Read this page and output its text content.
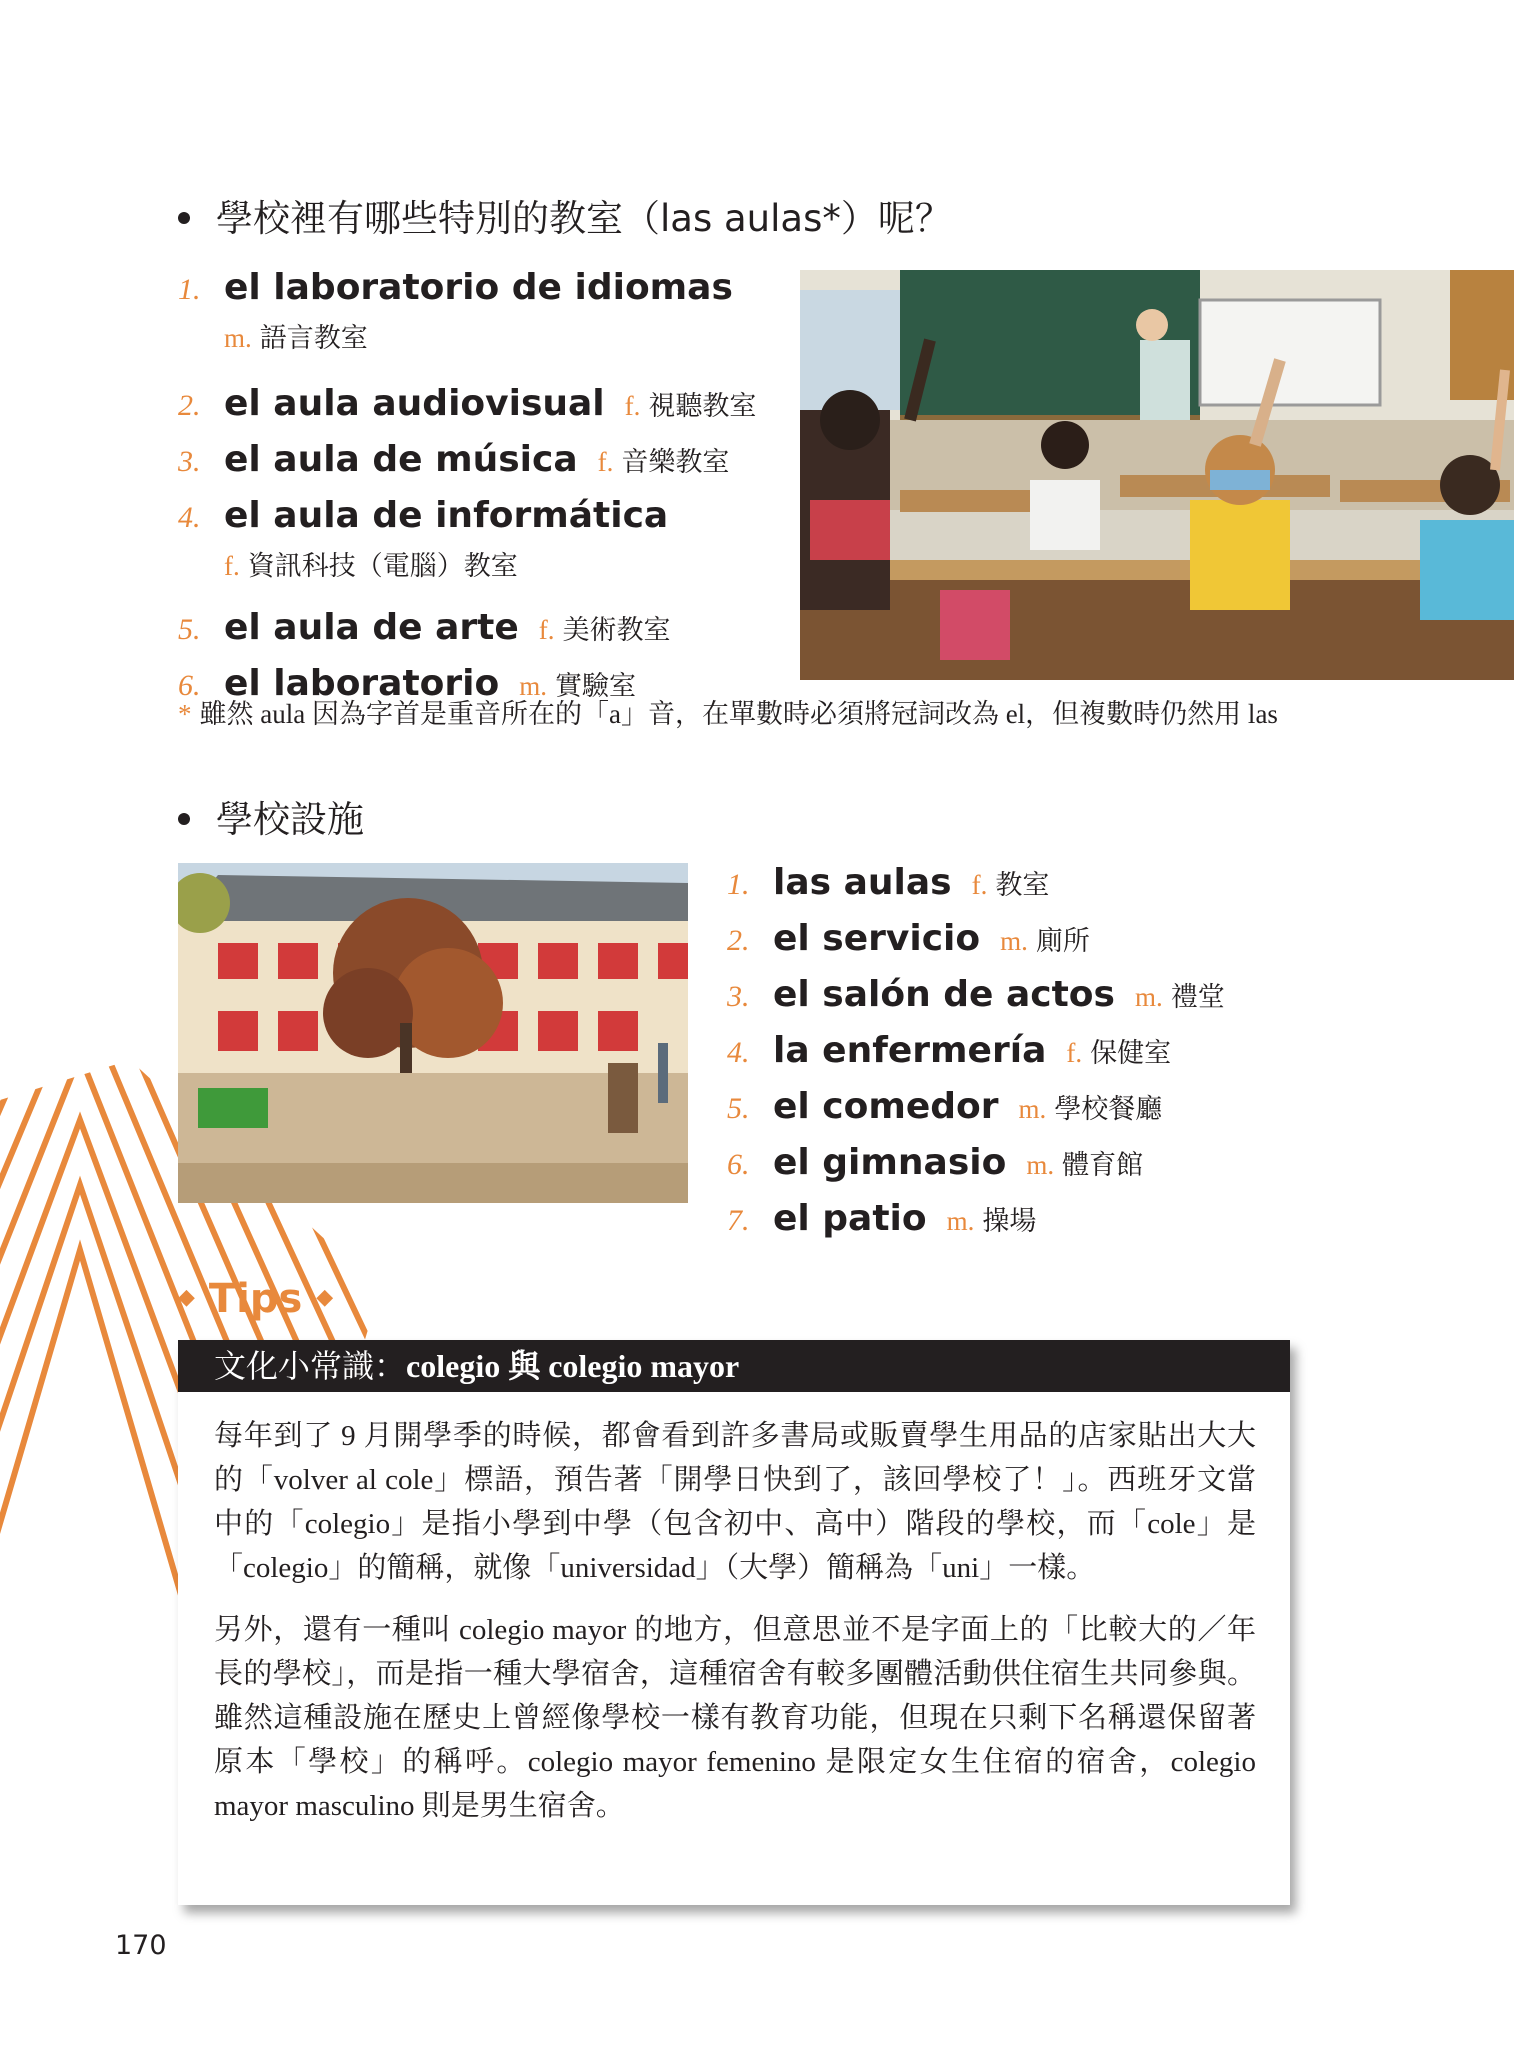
學校裡有哪些特別的教室（las aulas*）呢？
1. el laboratorio de idiomas
m. 語言教室
2. el aula audiovisual f. 視聽教室
3. el aula de música f. 音樂教室
4. el aula de informática
f. 資訊科技（電腦）教室
5. el aula de arte f. 美術教室
6. el laboratorio m. 實驗室
* 雖然 aula 因為字首是重音所在的「a」音，在單數時必須將冠詞改為 el，但複數時仍然用 las
學校設施
1. las aulas f. 教室
2. el servicio m. 廁所
3. el salón de actos m. 禮堂
4. la enfermería f. 保健室
5. el comedor m. 學校餐廳
6. el gimnasio m. 體育館
7. el patio m. 操場
◆ Tips ◆
文化小常識：colegio 與 colegio mayor

每年到了 9 月開學季的時候，都會看到許多書局或販賣學生用品的店家貼出大大的「volver al cole」標語，預告著「開學日快到了，該回學校了！」。西班牙文當中的「colegio」是指小學到中學（包含初中、高中）階段的學校，而「cole」是「colegio」的簡稱，就像「universidad」（大學）簡稱為「uni」一樣。

另外，還有一種叫 colegio mayor 的地方，但意思並不是字面上的「比較大的／年長的學校」，而是指一種大學宿舍，這種宿舍有較多團體活動供住宿生共同參與。雖然這種設施在歷史上曾經像學校一樣有教育功能，但現在只剩下名稱還保留著原本「學校」的稱呼。colegio mayor femenino 是限定女生住宿的宿舍，colegio mayor masculino 則是男生宿舍。

170
